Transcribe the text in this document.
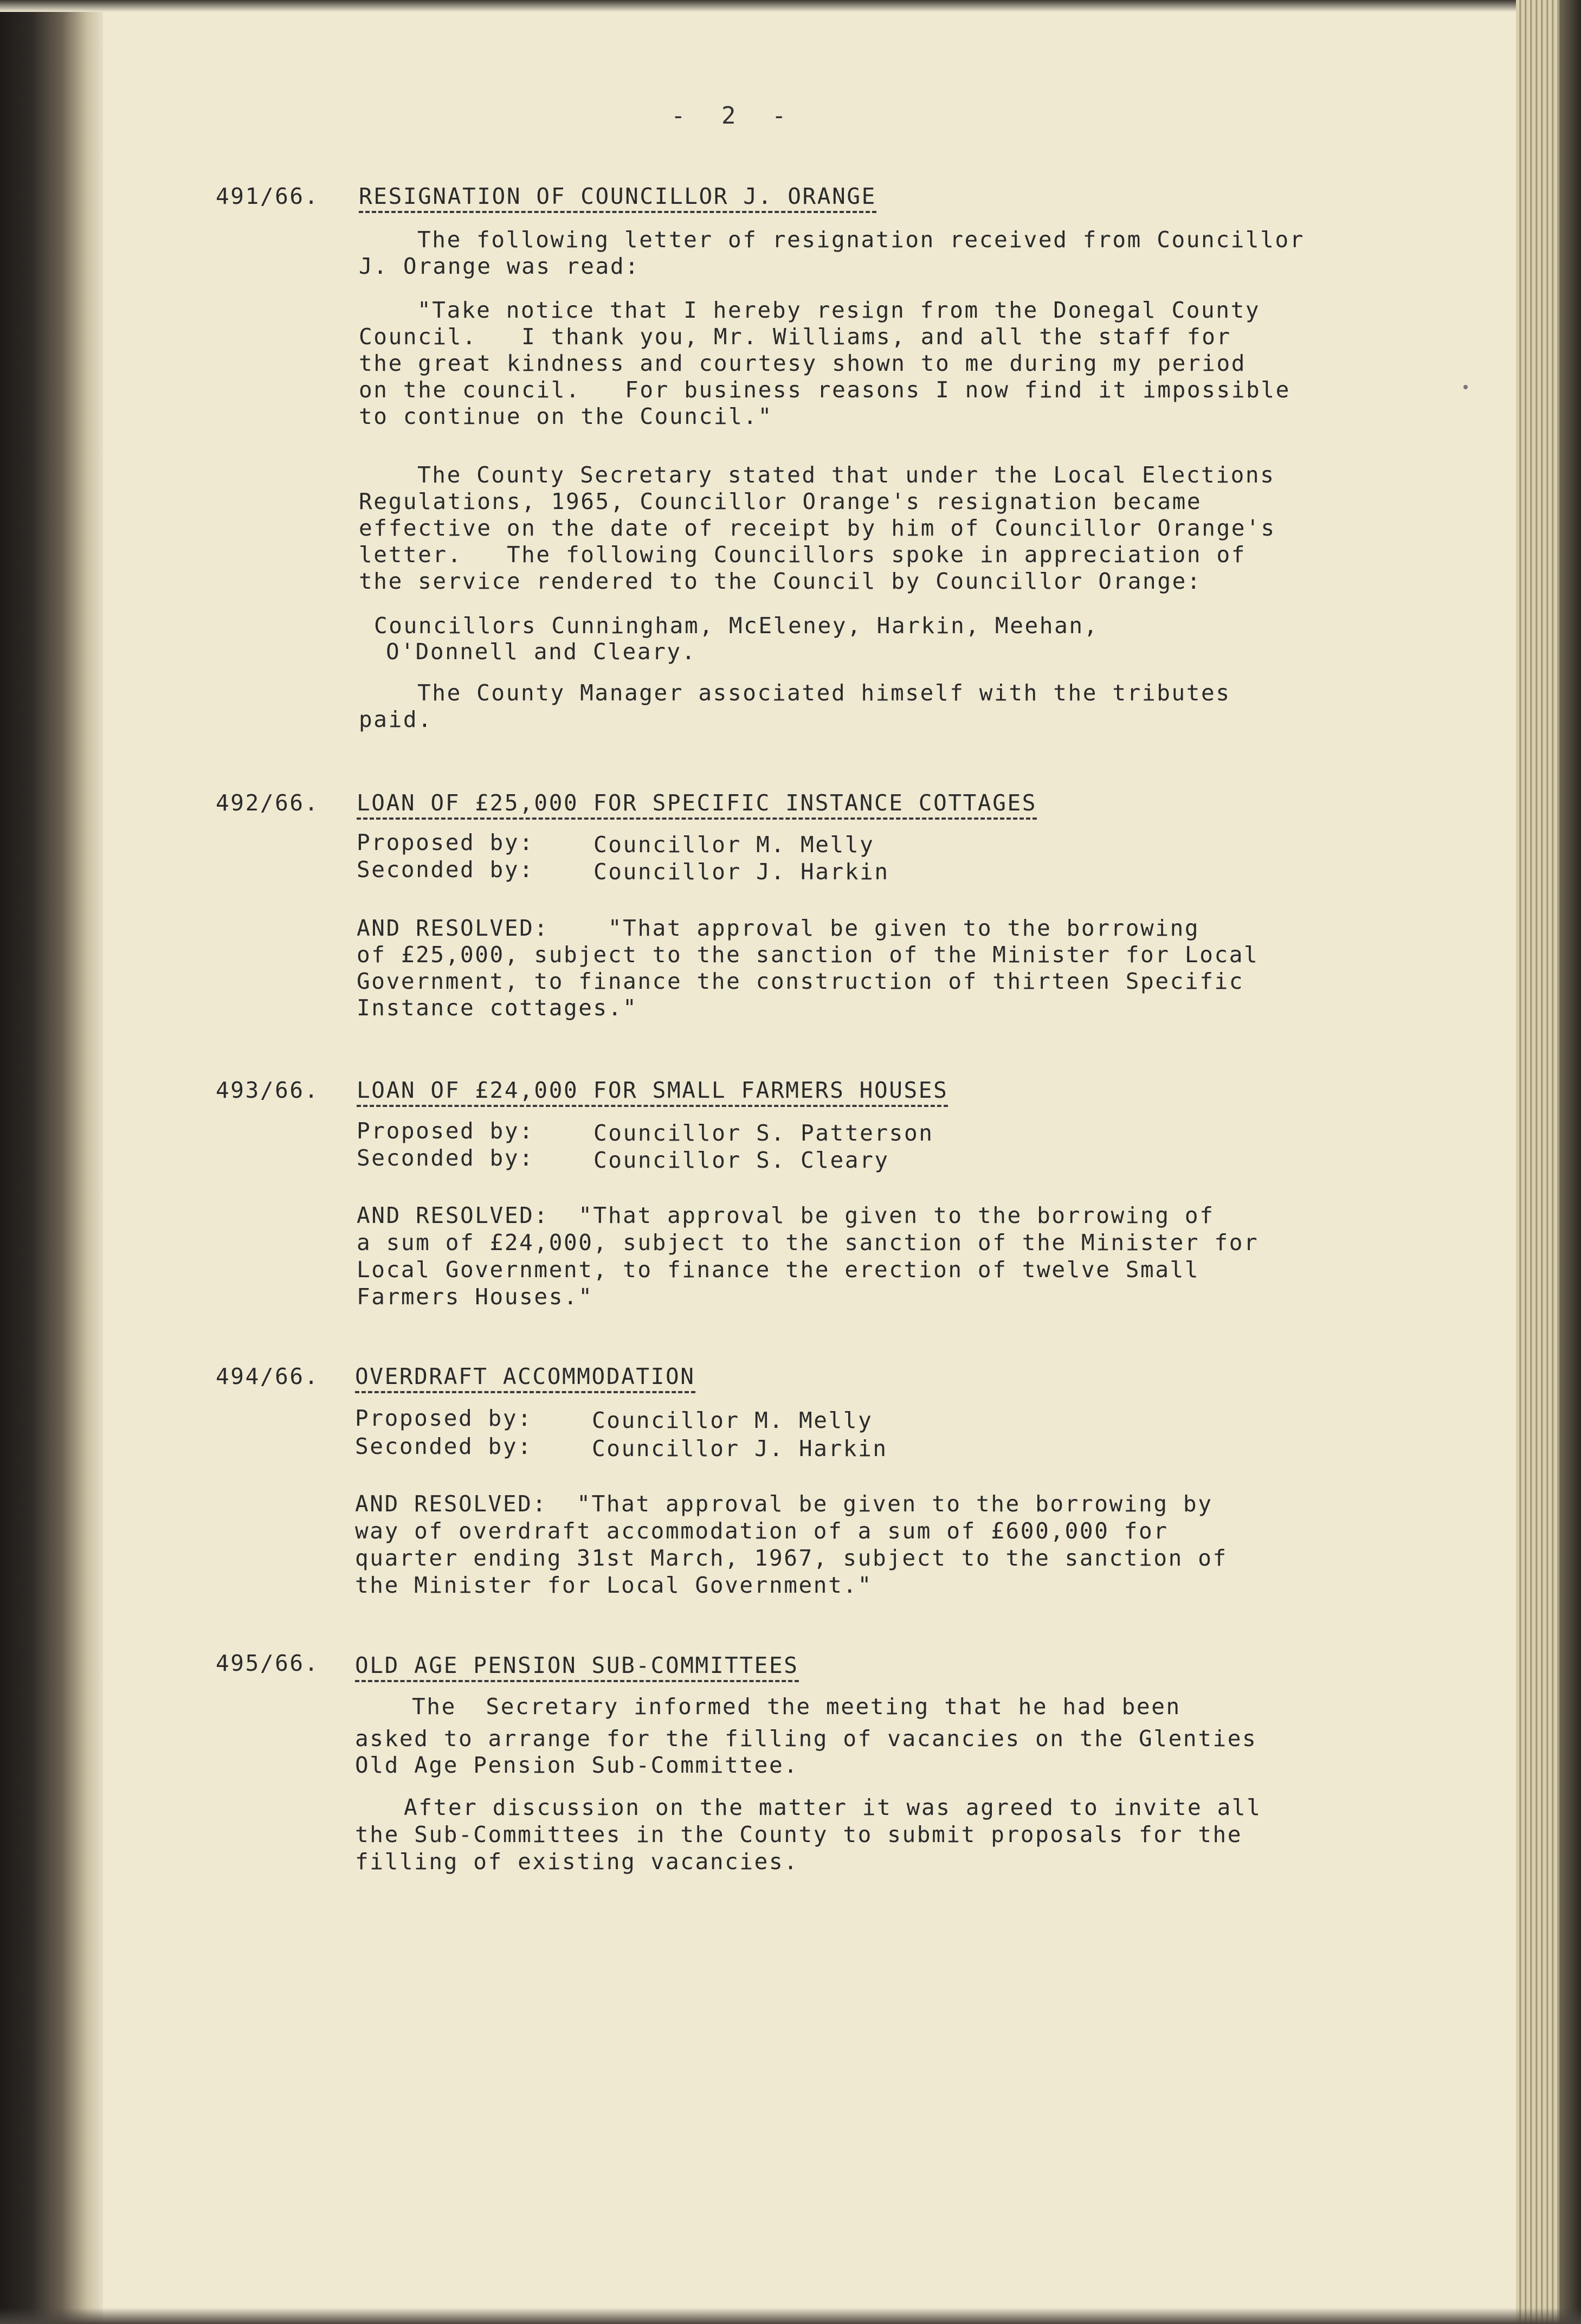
- 2 -
491/66. RESIGNATION OF COUNCILLOR J. ORANGE
The following letter of resignation received from Councillor
J. Orange was read:
"Take notice that I hereby resign from the Donegal County
Council.   I thank you, Mr. Williams, and all the staff for
the great kindness and courtesy shown to me during my period
on the council.   For business reasons I now find it impossible
to continue on the Council."
The County Secretary stated that under the Local Elections
Regulations, 1965, Councillor Orange's resignation became
effective on the date of receipt by him of Councillor Orange's
letter.   The following Councillors spoke in appreciation of
the service rendered to the Council by Councillor Orange:
Councillors Cunningham, McEleney, Harkin, Meehan,
O'Donnell and Cleary.
The County Manager associated himself with the tributes
paid.
492/66. LOAN OF £25,000 FOR SPECIFIC INSTANCE COTTAGES
Proposed by:	Councillor M. Melly
Seconded by:	Councillor J. Harkin
AND RESOLVED:    "That approval be given to the borrowing
of £25,000, subject to the sanction of the Minister for Local
Government, to finance the construction of thirteen Specific
Instance cottages."
493/66. LOAN OF £24,000 FOR SMALL FARMERS HOUSES
Proposed by:	Councillor S. Patterson
Seconded by:	Councillor S. Cleary
AND RESOLVED:  "That approval be given to the borrowing of
a sum of £24,000, subject to the sanction of the Minister for
Local Government, to finance the erection of twelve Small
Farmers Houses."
494/66. OVERDRAFT ACCOMMODATION
Proposed by:	Councillor M. Melly
Seconded by:	Councillor J. Harkin
AND RESOLVED:  "That approval be given to the borrowing by
way of overdraft accommodation of a sum of £600,000 for
quarter ending 31st March, 1967, subject to the sanction of
the Minister for Local Government."
495/66. OLD AGE PENSION SUB-COMMITTEES
The  Secretary informed the meeting that he had been
asked to arrange for the filling of vacancies on the Glenties
Old Age Pension Sub-Committee.
After discussion on the matter it was agreed to invite all
the Sub-Committees in the County to submit proposals for the
filling of existing vacancies.
